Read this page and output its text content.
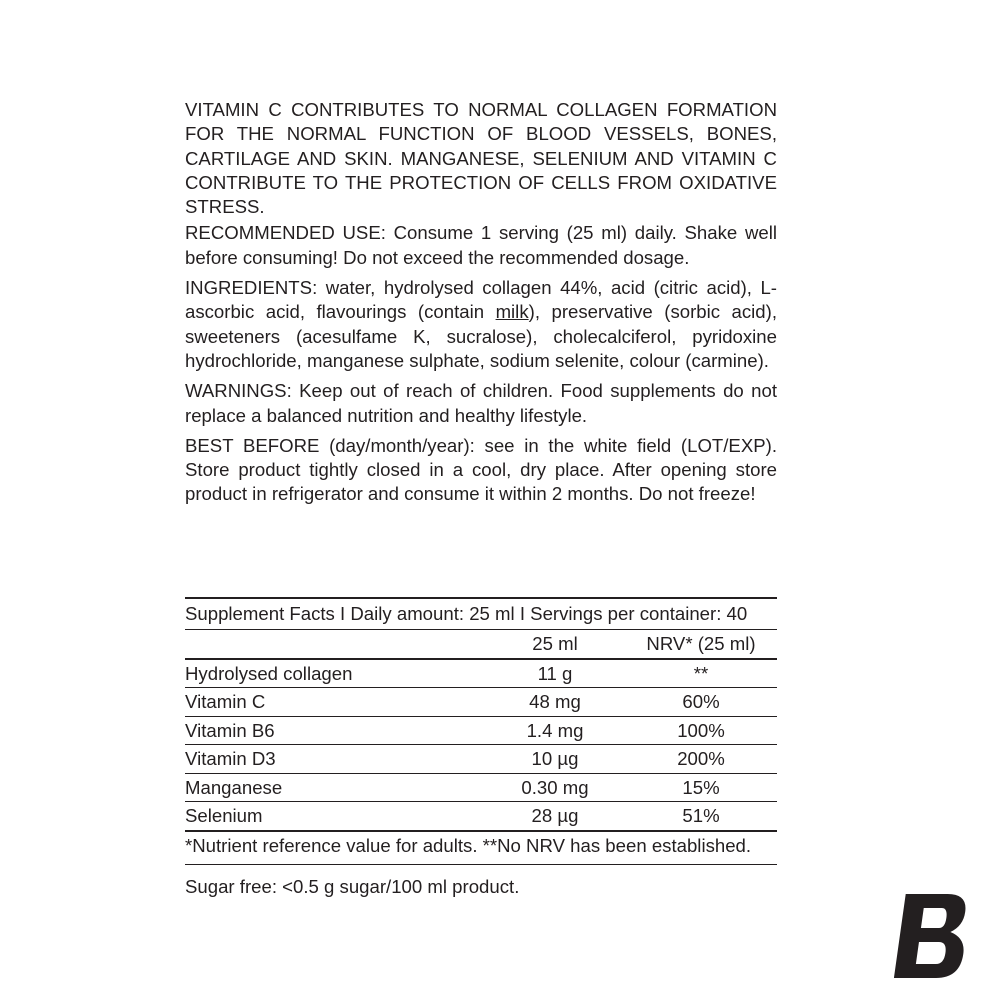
VITAMIN C CONTRIBUTES TO NORMAL COLLAGEN FORMATION FOR THE NORMAL FUNCTION OF BLOOD VESSELS, BONES, CARTILAGE AND SKIN. MANGANESE, SELENIUM AND VITAMIN C CONTRIBUTE TO THE PROTECTION OF CELLS FROM OXIDATIVE STRESS.

RECOMMENDED USE: Consume 1 serving (25 ml) daily. Shake well before consuming! Do not exceed the recommended dosage.

INGREDIENTS: water, hydrolysed collagen 44%, acid (citric acid), L-ascorbic acid, flavourings (contain milk), preservative (sorbic acid), sweeteners (acesulfame K, sucralose), cholecalciferol, pyridoxine hydrochloride, manganese sulphate, sodium selenite, colour (carmine).

WARNINGS: Keep out of reach of children. Food supplements do not replace a balanced nutrition and healthy lifestyle.

BEST BEFORE (day/month/year): see in the white field (LOT/EXP). Store product tightly closed in a cool, dry place. After opening store product in refrigerator and consume it within 2 months. Do not freeze!

Supplement Facts I Daily amount: 25 ml I Servings per container: 40
	25 ml	NRV* (25 ml)
Hydrolysed collagen	11 g	**
Vitamin C	48 mg	60%
Vitamin B6	1.4 mg	100%
Vitamin D3	10 µg	200%
Manganese	0.30 mg	15%
Selenium	28 µg	51%
*Nutrient reference value for adults. **No NRV has been established.
Sugar free: <0.5 g sugar/100 ml product.
